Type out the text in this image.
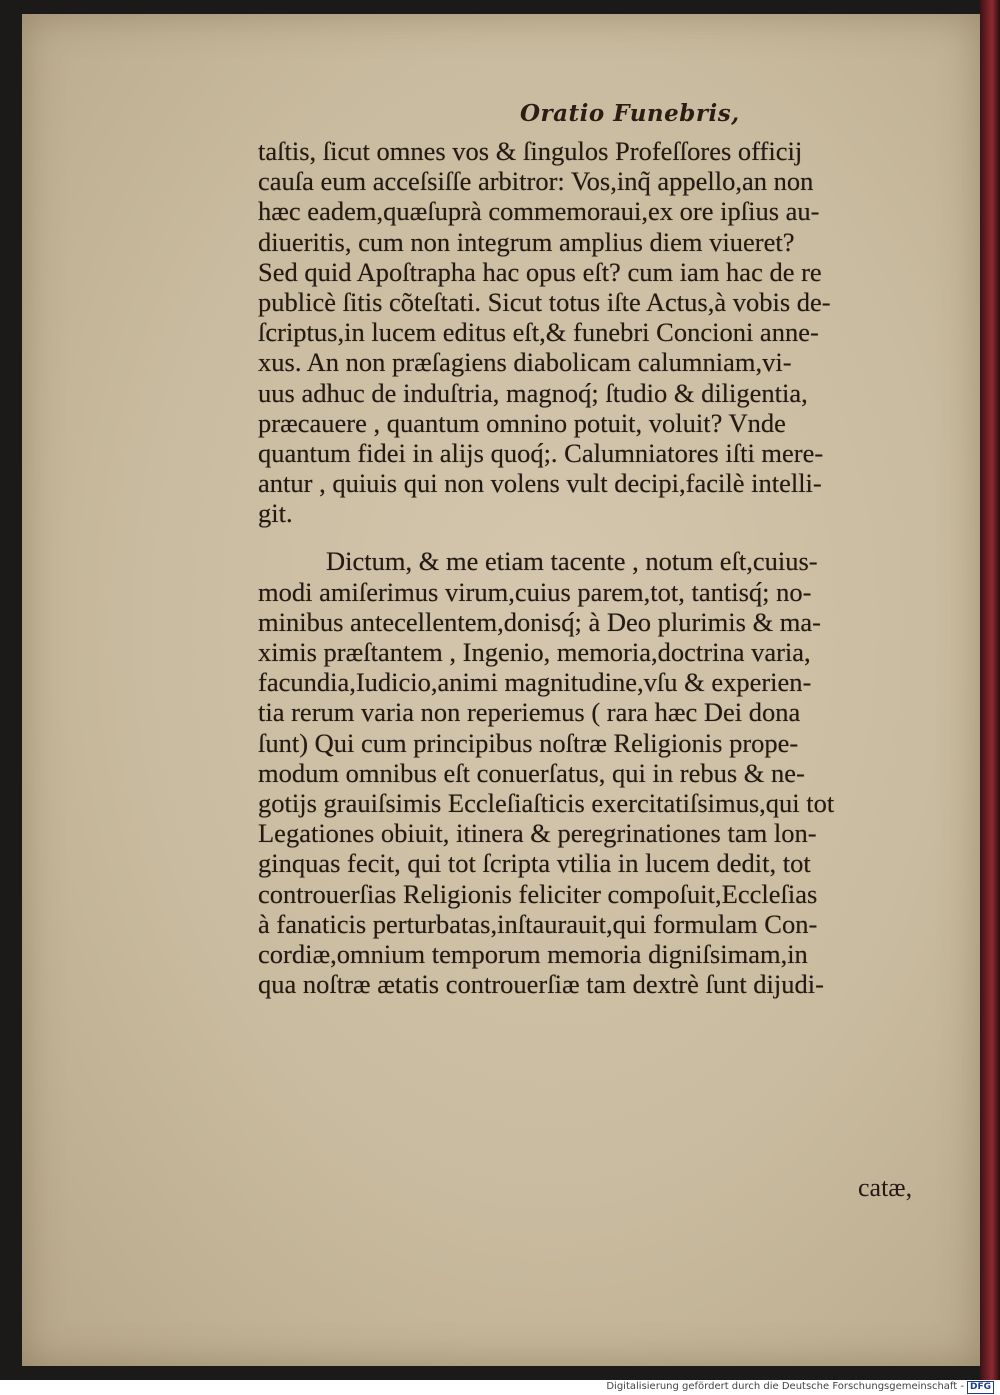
Oratio Funebris,
taſtis, ſicut omnes vos & ſingulos Profeſſores officij
cauſa eum acceſsiſſe arbitror: Vos,inq̃ appello,an non
hæc eadem,quæſuprà commemoraui,ex ore ipſius au-
diueritis, cum non integrum amplius diem viueret?
Sed quid Apoſtrapha hac opus eſt? cum iam hac de re
publicè ſitis cõteſtati. Sicut totus iſte Actus,à vobis de-
ſcriptus,in lucem editus eſt,& funebri Concioni anne-
xus. An non præſagiens diabolicam calumniam,vi-
uus adhuc de induſtria, magnoq́; ſtudio & diligentia,
præcauere , quantum omnino potuit, voluit? Vnde
quantum fidei in alijs quoq́;. Calumniatores iſti mere-
antur , quiuis qui non volens vult decipi,facilè intelli-
git.
Dictum, & me etiam tacente , notum eſt,cuius-
modi amiſerimus virum,cuius parem,tot, tantisq́; no-
minibus antecellentem,donisq́; à Deo plurimis & ma-
ximis præſtantem , Ingenio, memoria,doctrina varia,
facundia,Iudicio,animi magnitudine,vſu & experien-
tia rerum varia non reperiemus ( rara hæc Dei dona
ſunt) Qui cum principibus noſtræ Religionis prope-
modum omnibus eſt conuerſatus, qui in rebus & ne-
gotijs grauiſsimis Eccleſiaſticis exercitatiſsimus,qui tot
Legationes obiuit, itinera & peregrinationes tam lon-
ginquas fecit, qui tot ſcripta vtilia in lucem dedit, tot
controuerſias Religionis feliciter compoſuit,Eccleſias
à fanaticis perturbatas,inſtaurauit,qui formulam Con-
cordiæ,omnium temporum memoria digniſsimam,in
qua noſtræ ætatis controuerſiæ tam dextrè ſunt dijudi-
catæ,
Digitalisierung gefördert durch die Deutsche Forschungsgemeinschaft - DFG
